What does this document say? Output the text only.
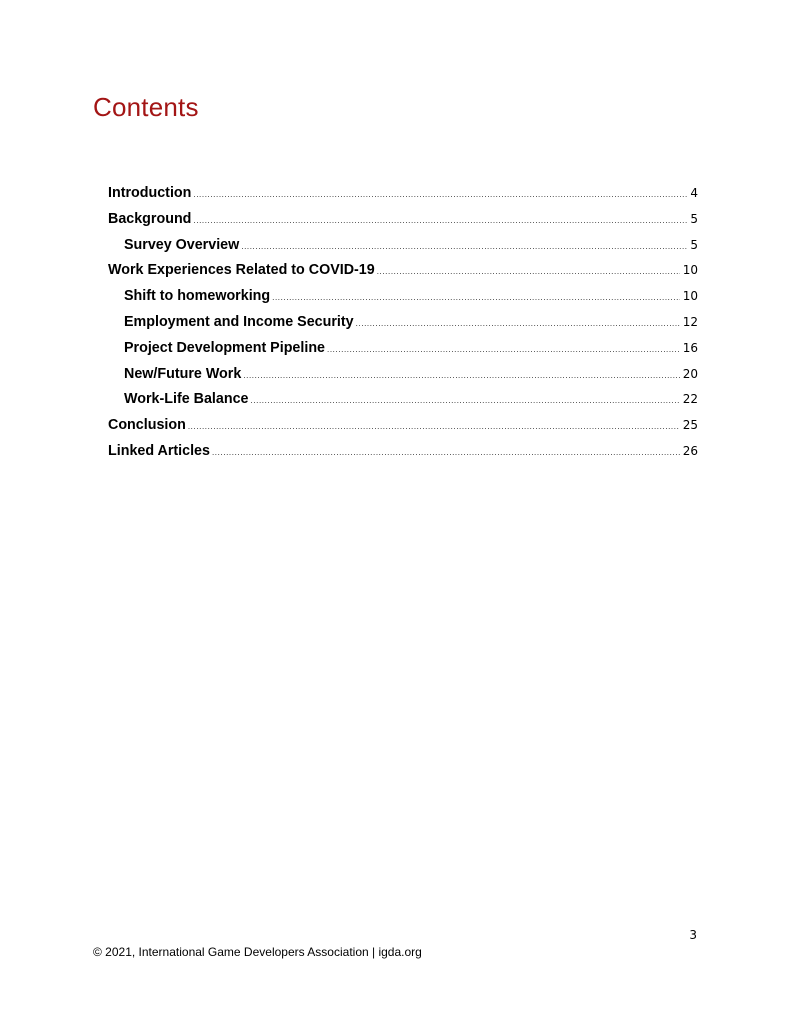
Contents
Introduction .....	4
Background .....	5
Survey Overview .....	5
Work Experiences Related to COVID-19 .....	10
Shift to homeworking .....	10
Employment and Income Security .....	12
Project Development Pipeline .....	16
New/Future Work .....	20
Work-Life Balance .....	22
Conclusion .....	25
Linked Articles .....	26
3
© 2021, International Game Developers Association | igda.org
